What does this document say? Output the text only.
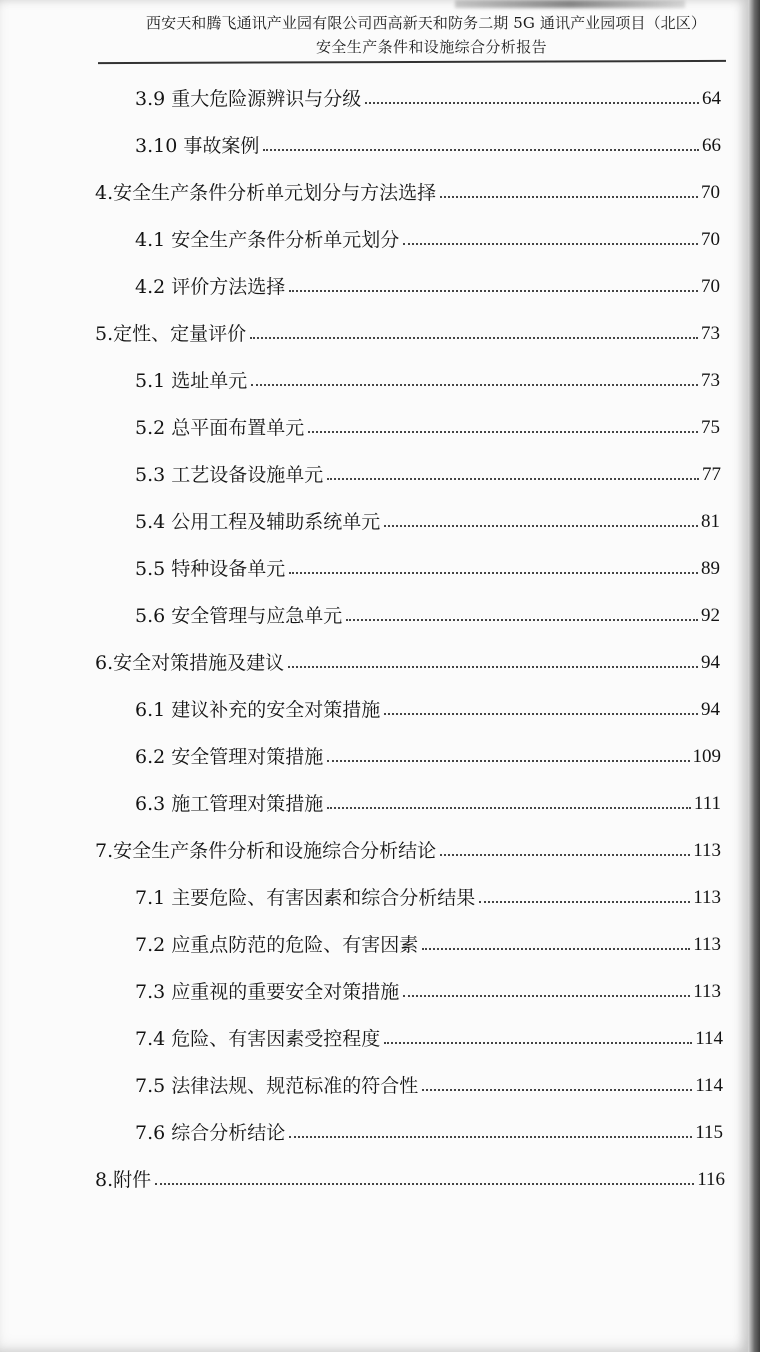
西安天和腾飞通讯产业园有限公司西高新天和防务二期 5G 通讯产业园项目（北区）
安全生产条件和设施综合分析报告
3.9 重大危险源辨识与分级	64
3.10 事故案例	66
4.安全生产条件分析单元划分与方法选择	70
4.1 安全生产条件分析单元划分	70
4.2 评价方法选择	70
5.定性、定量评价	73
5.1 选址单元	73
5.2 总平面布置单元	75
5.3 工艺设备设施单元	77
5.4 公用工程及辅助系统单元	81
5.5 特种设备单元	89
5.6 安全管理与应急单元	92
6.安全对策措施及建议	94
6.1 建议补充的安全对策措施	94
6.2 安全管理对策措施	109
6.3 施工管理对策措施	111
7.安全生产条件分析和设施综合分析结论	113
7.1 主要危险、有害因素和综合分析结果	113
7.2 应重点防范的危险、有害因素	113
7.3 应重视的重要安全对策措施	113
7.4 危险、有害因素受控程度	114
7.5 法律法规、规范标准的符合性	114
7.6 综合分析结论	115
8.附件	116
